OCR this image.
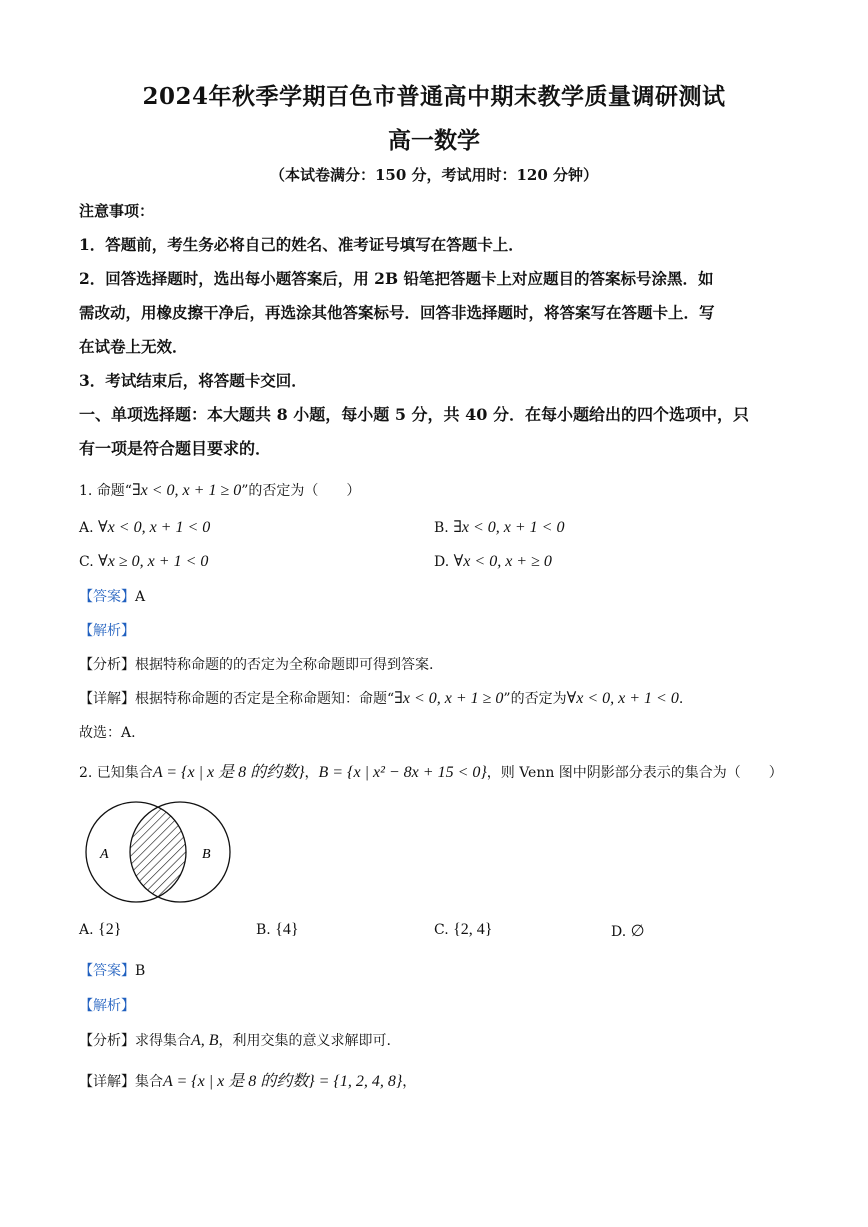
2024年秋季学期百色市普通高中期末教学质量调研测试
高一数学
（本试卷满分：150 分，考试用时：120 分钟）
注意事项：
1．答题前，考生务必将自己的姓名、准考证号填写在答题卡上．
2．回答选择题时，选出每小题答案后，用 2B 铅笔把答题卡上对应题目的答案标号涂黑．如
需改动，用橡皮擦干净后，再选涂其他答案标号．回答非选择题时，将答案写在答题卡上．写
在试卷上无效．
3．考试结束后，将答题卡交回．
一、单项选择题：本大题共 8 小题，每小题 5 分，共 40 分．在每小题给出的四个选项中，只
有一项是符合题目要求的．
1. 命题“∃x < 0, x + 1 ≥ 0”的否定为（　　）
A. ∀x < 0, x + 1 < 0	B. ∃x < 0, x + 1 < 0
C. ∀x ≥ 0, x + 1 < 0	D. ∀x < 0, x + ≥ 0
【答案】A
【解析】
【分析】根据特称命题的的否定为全称命题即可得到答案.
【详解】根据特称命题的否定是全称命题知：命题“∃x < 0, x + 1 ≥ 0”的否定为∀x < 0, x + 1 < 0.
故选：A.
2. 已知集合A = {x | x 是 8 的约数}，B = {x | x² − 8x + 15 < 0}，则 Venn 图中阴影部分表示的集合为（　　）
A	B
A. {2}	B. {4}	C. {2, 4}	D. ∅
【答案】B
【解析】
【分析】求得集合A, B，利用交集的意义求解即可.
【详解】集合A = {x | x 是 8 的约数} = {1, 2, 4, 8}，
